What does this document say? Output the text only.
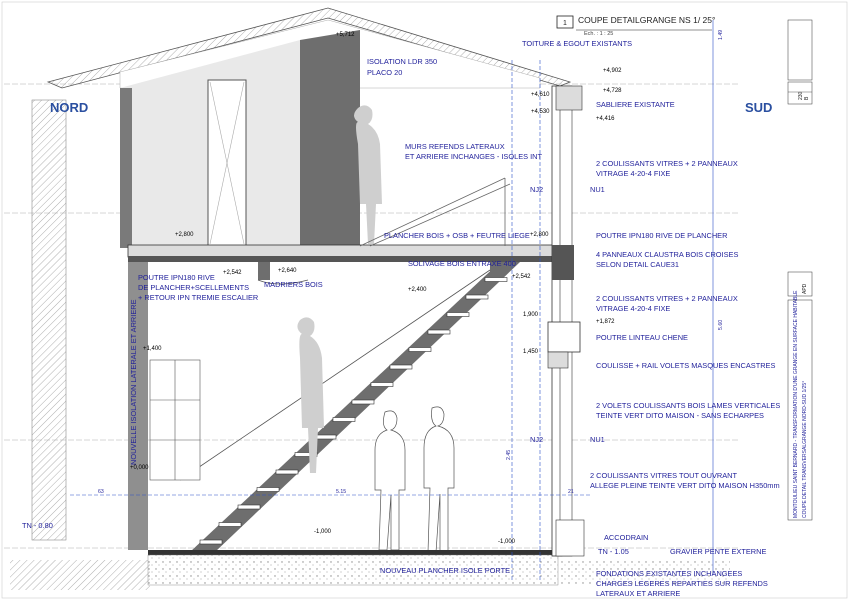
1 COUPE DETAILGRANGE NS 1/ 25°
Ech. : 1 : 25
NORD	SUD
+5,712
+4,902
+4,728
+4,610
+4,530
+4,416
+2,800	+2,800
+2,542	+2,640
+2,542
+2,400
1,900
+1,872
1,450
+1,400
+0,000
-1,000
-1,000
TOITURE & EGOUT EXISTANTS
ISOLATION LDR 350
PLACO 20
SABLIERE EXISTANTE
MURS REFENDS LATERAUX
ET ARRIERE INCHANGES - ISOLES INT
2 COULISSANTS VITRES + 2 PANNEAUX
VITRAGE 4-20-4 FIXE
NJ2	NU1
PLANCHER BOIS + OSB + FEUTRE LIEGE	POUTRE IPN180 RIVE DE PLANCHER
4 PANNEAUX CLAUSTRA BOIS CROISES
SELON DETAIL CAUE31
POUTRE IPN180 RIVE
DE PLANCHER+SCELLEMENTS
+ RETOUR IPN TREMIE ESCALIER
MADRIERS BOIS
SOLIVAGE BOIS ENTRAXE 400
2 COULISSANTS VITRES + 2 PANNEAUX
VITRAGE 4-20-4 FIXE
POUTRE LINTEAU CHENE
COULISSE + RAIL VOLETS MASQUES ENCASTRES
2 VOLETS COULISSANTS BOIS LAMES VERTICALES
TEINTE VERT DITO MAISON - SANS ECHARPES
NJ2	NU1
NOUVELLE ISOLATION LATERALE ET ARRIERE
2 COULISSANTS VITRES TOUT OUVRANT
ALLEGE PLEINE TEINTE VERT DITO MAISON H350mm
ACCODRAIN
TN - 0.80
TN - 1.05	GRAVIER PENTE EXTERNE
NOUVEAU PLANCHER ISOLE PORTE	FONDATIONS EXISTANTES INCHANGEES
CHARGES LEGERES REPARTIES SUR REFENDS
LATERAUX ET ARRIERE
63	5.15	21
5.60
1.49
2.45
230 B
APD
MONTOULIEU SAINT BERNARD - TRANSFORMATION D'UNE GRANGE EN SURFACE HABITABLE COUPE DETAIL TRANSVERSALGRANGE NORD-SUD 1/25°
